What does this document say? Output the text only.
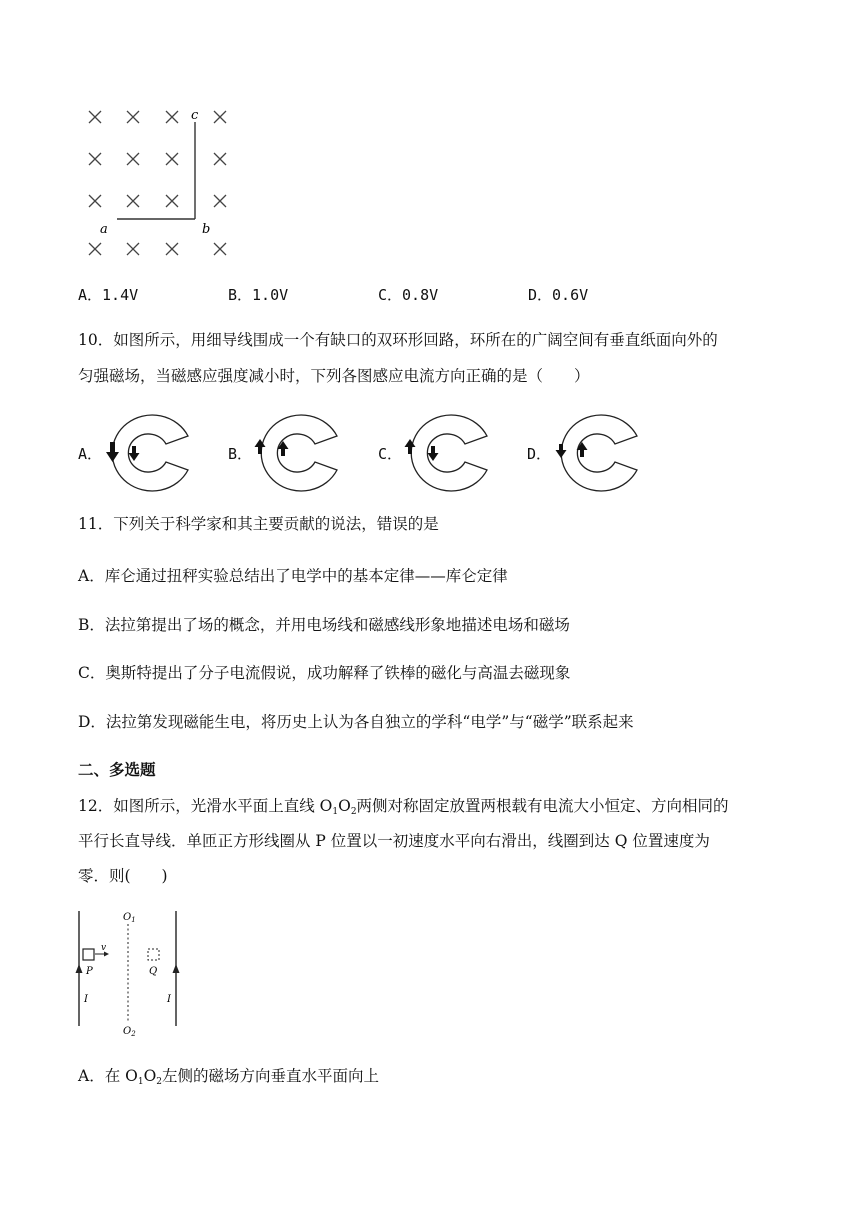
c
a	b
A．1.4V	B．1.0V	C．0.8V	D．0.6V
10．如图所示，用细导线围成一个有缺口的双环形回路，环所在的广阔空间有垂直纸面向外的
匀强磁场，当磁感应强度减小时，下列各图感应电流方向正确的是（　　）
A．	B．	C．	D．
11．下列关于科学家和其主要贡献的说法，错误的是
A．库仑通过扭秤实验总结出了电学中的基本定律——库仑定律
B．法拉第提出了场的概念，并用电场线和磁感线形象地描述电场和磁场
C．奥斯特提出了分子电流假说，成功解释了铁棒的磁化与高温去磁现象
D．法拉第发现磁能生电，将历史上认为各自独立的学科“电学”与“磁学”联系起来
二、多选题
12．如图所示，光滑水平面上直线 $O_1O_2$两侧对称固定放置两根载有电流大小恒定、方向相同的
平行长直导线．单匝正方形线圈从 P 位置以一初速度水平向右滑出，线圈到达 Q 位置速度为
零．则(　　)
$O_1$
$O_2$
P	Q
v
I	I
A．在 $O_1O_2$左侧的磁场方向垂直水平面向上
